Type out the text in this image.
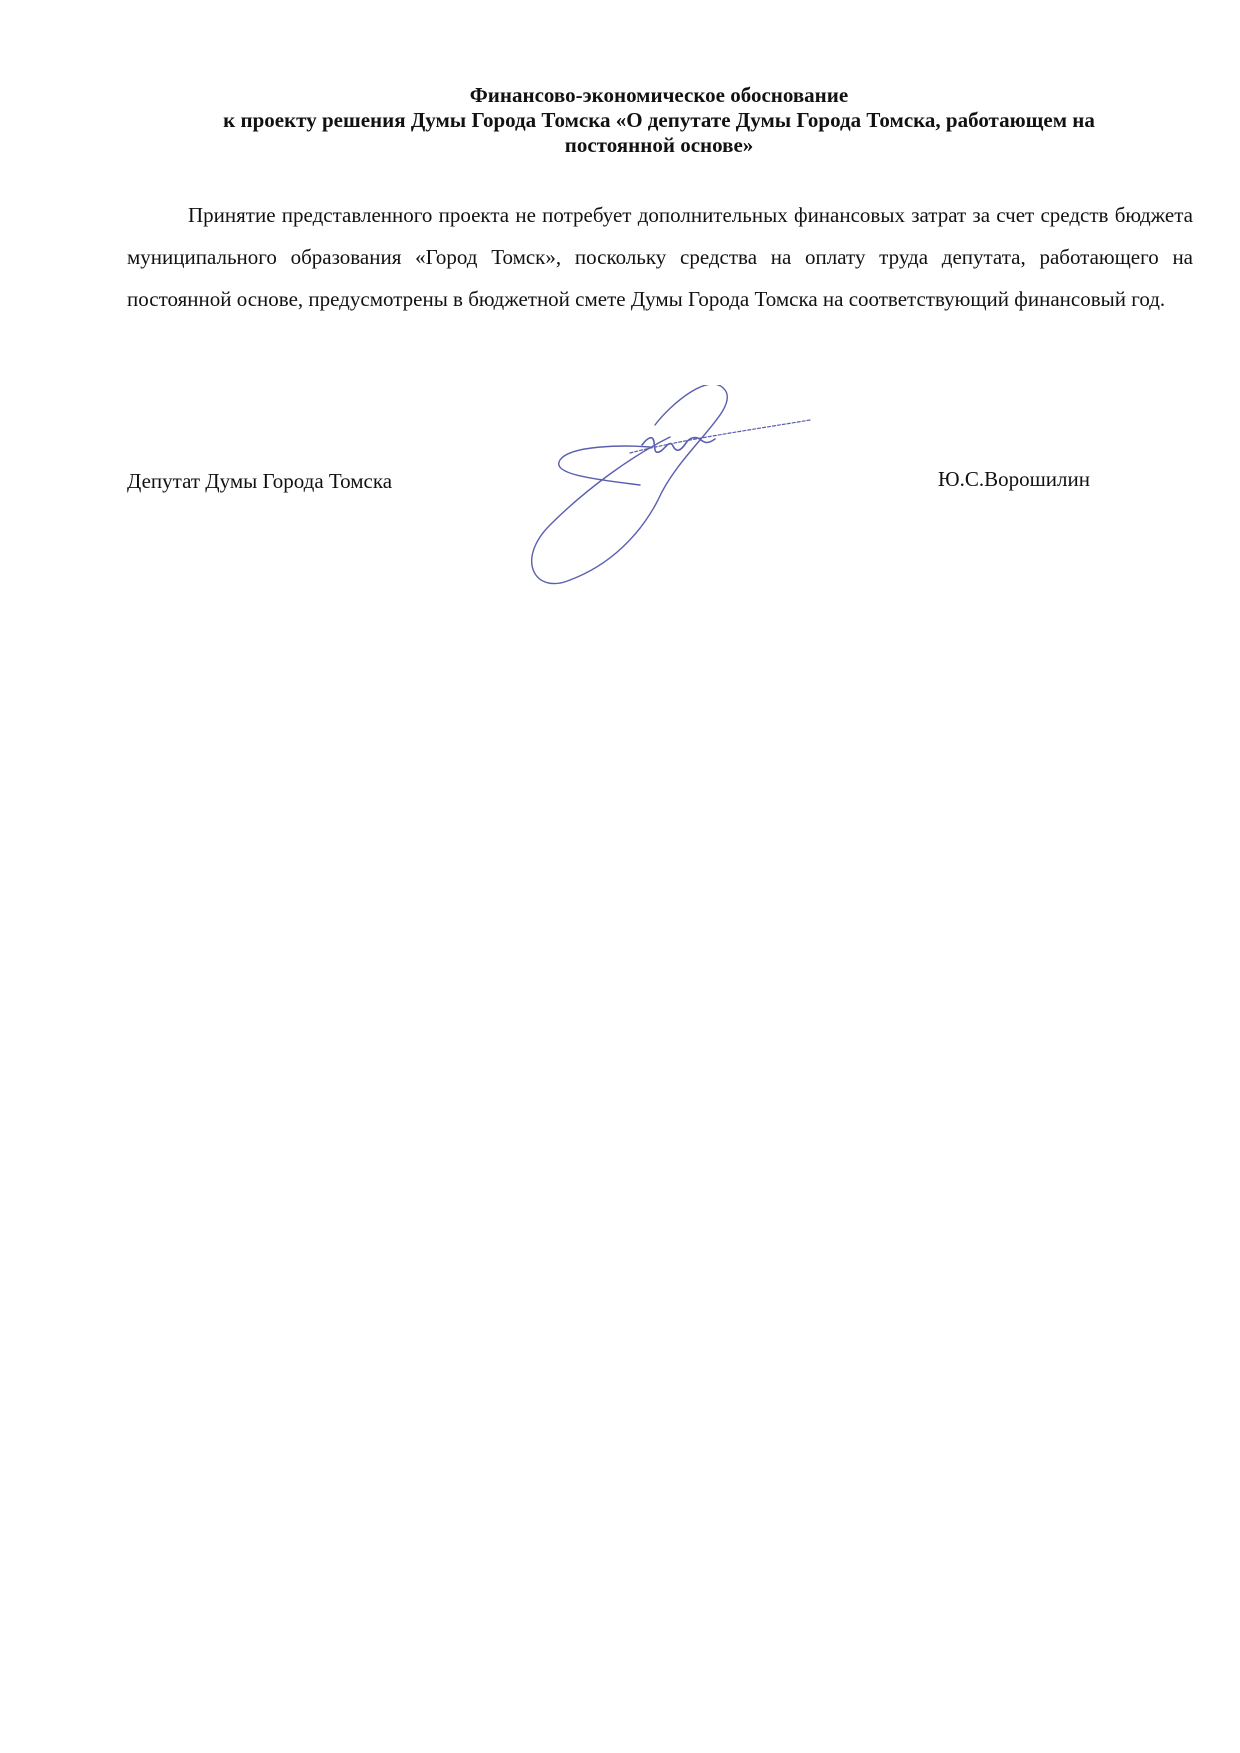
Финансово-экономическое обоснование
к проекту решения Думы Города Томска «О депутате Думы Города Томска, работающем на
постоянной основе»

Принятие представленного проекта не потребует дополнительных финансовых затрат за счет средств бюджета муниципального образования «Город Томск», поскольку средства на оплату труда депутата, работающего на постоянной основе, предусмотрены в бюджетной смете Думы Города Томска на соответствующий финансовый год.

Депутат Думы Города Томска	Ю.С.Ворошилин
